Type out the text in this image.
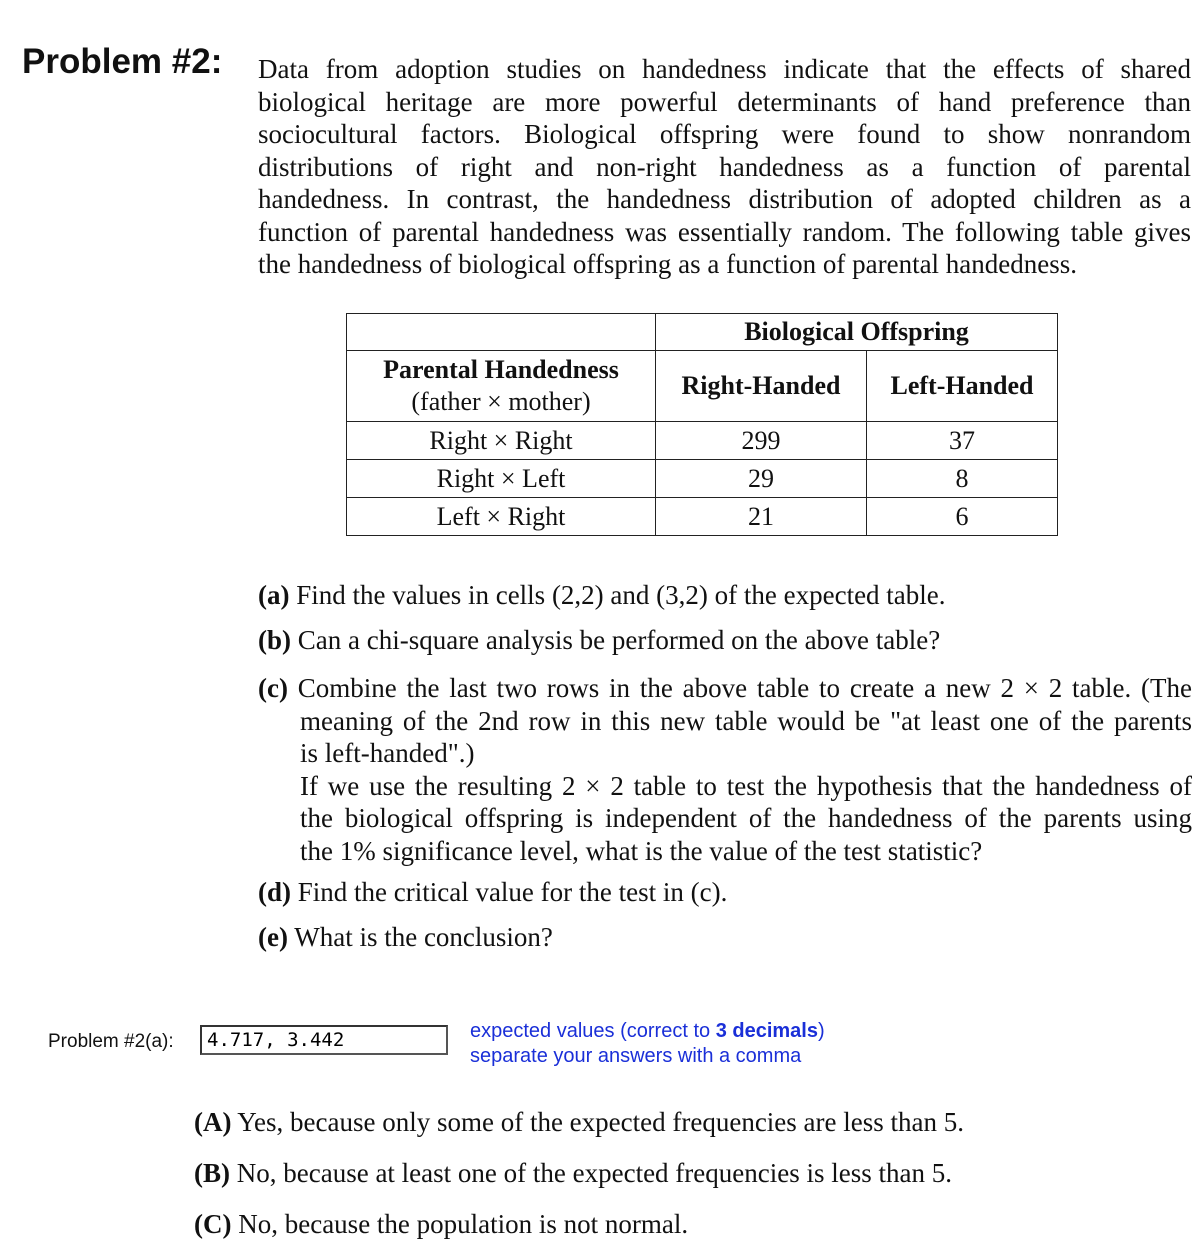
Problem #2: Data from adoption studies on handedness indicate that the effects of shared
biological heritage are more powerful determinants of hand preference than
sociocultural factors. Biological offspring were found to show nonrandom
distributions of right and non-right handedness as a function of parental
handedness. In contrast, the handedness distribution of adopted children as a
function of parental handedness was essentially random. The following table gives
the handedness of biological offspring as a function of parental handedness.
	Biological Offspring	

Parental Handedness
(father × mother)	Right-Handed	Left-Handed
Right × Right	299	37
Right × Left	29	8
Left × Right	21	6
(a) Find the values in cells (2,2) and (3,2) of the expected table.
(b) Can a chi-square analysis be performed on the above table?
(c) Combine the last two rows in the above table to create a new 2 × 2 table. (The
meaning of the 2nd row in this new table would be "at least one of the parents
is left-handed".)
If we use the resulting 2 × 2 table to test the hypothesis that the handedness of
the biological offspring is independent of the handedness of the parents using
the 1% significance level, what is the value of the test statistic?
(d) Find the critical value for the test in (c).
(e) What is the conclusion?
Problem #2(a):
4.717, 3.442	expected values (correct to 3 decimals)
separate your answers with a comma
(A) Yes, because only some of the expected frequencies are less than 5.
(B) No, because at least one of the expected frequencies is less than 5.
(C) No, because the population is not normal.
